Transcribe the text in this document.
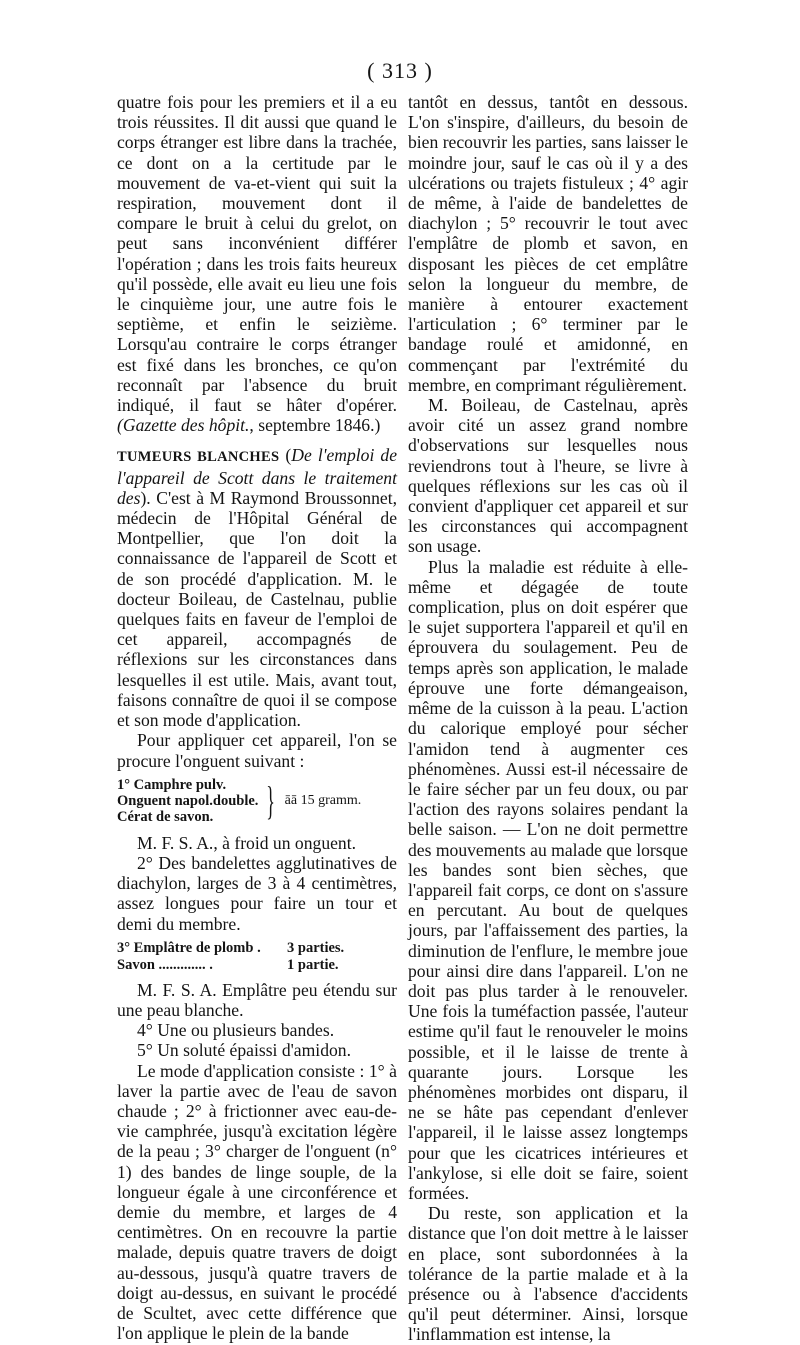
( 313 )

quatre fois pour les premiers et il a eu trois réussites. Il dit aussi que quand le corps étranger est libre dans la trachée, ce dont on a la certitude par le mouvement de va-et-vient qui suit la respiration, mouvement dont il compare le bruit à celui du grelot, on peut sans inconvénient différer l'opération ; dans les trois faits heureux qu'il possède, elle avait eu lieu une fois le cinquième jour, une autre fois le septième, et enfin le seizième. Lorsqu'au contraire le corps étranger est fixé dans les bronches, ce qu'on reconnaît par l'absence du bruit indiqué, il faut se hâter d'opérer. (Gazette des hôpit., septembre 1846.)

TUMEURS BLANCHES (De l'emploi de l'appareil de Scott dans le traitement des). C'est à M Raymond Broussonnet, médecin de l'Hôpital Général de Montpellier, que l'on doit la connaissance de l'appareil de Scott et de son procédé d'application. M. le docteur Boileau, de Castelnau, publie quelques faits en faveur de l'emploi de cet appareil, accompagnés de réflexions sur les circonstances dans lesquelles il est utile. Mais, avant tout, faisons connaître de quoi il se compose et son mode d'application.

Pour appliquer cet appareil, l'on se procure l'onguent suivant :

1° Camphre pulv.
Onguent napol.double.
Cérat de savon.	} āā 15 gramm.

M. F. S. A., à froid un onguent.

2° Des bandelettes agglutinatives de diachylon, larges de 3 à 4 centimètres, assez longues pour faire un tour et demi du membre.

3° Emplâtre de plomb .	3 parties.
Savon ............. .	1 partie.

M. F. S. A. Emplâtre peu étendu sur une peau blanche.

4° Une ou plusieurs bandes.

5° Un soluté épaissi d'amidon.

Le mode d'application consiste : 1° à laver la partie avec de l'eau de savon chaude ; 2° à frictionner avec eau-de-vie camphrée, jusqu'à excitation légère de la peau ; 3° charger de l'onguent (n° 1) des bandes de linge souple, de la longueur égale à une circonférence et demie du membre, et larges de 4 centimètres. On en recouvre la partie malade, depuis quatre travers de doigt au-dessous, jusqu'à quatre travers de doigt au-dessus, en suivant le procédé de Scultet, avec cette différence que l'on applique le plein de la bande

tantôt en dessus, tantôt en dessous. L'on s'inspire, d'ailleurs, du besoin de bien recouvrir les parties, sans laisser le moindre jour, sauf le cas où il y a des ulcérations ou trajets fistuleux ; 4° agir de même, à l'aide de bandelettes de diachylon ; 5° recouvrir le tout avec l'emplâtre de plomb et savon, en disposant les pièces de cet emplâtre selon la longueur du membre, de manière à entourer exactement l'articulation ; 6° terminer par le bandage roulé et amidonné, en commençant par l'extrémité du membre, en comprimant régulièrement.

M. Boileau, de Castelnau, après avoir cité un assez grand nombre d'observations sur lesquelles nous reviendrons tout à l'heure, se livre à quelques réflexions sur les cas où il convient d'appliquer cet appareil et sur les circonstances qui accompagnent son usage.

Plus la maladie est réduite à elle-même et dégagée de toute complication, plus on doit espérer que le sujet supportera l'appareil et qu'il en éprouvera du soulagement. Peu de temps après son application, le malade éprouve une forte démangeaison, même de la cuisson à la peau. L'action du calorique employé pour sécher l'amidon tend à augmenter ces phénomènes. Aussi est-il nécessaire de le faire sécher par un feu doux, ou par l'action des rayons solaires pendant la belle saison. — L'on ne doit permettre des mouvements au malade que lorsque les bandes sont bien sèches, que l'appareil fait corps, ce dont on s'assure en percutant. Au bout de quelques jours, par l'affaissement des parties, la diminution de l'enflure, le membre joue pour ainsi dire dans l'appareil. L'on ne doit pas plus tarder à le renouveler. Une fois la tuméfaction passée, l'auteur estime qu'il faut le renouveler le moins possible, et il le laisse de trente à quarante jours. Lorsque les phénomènes morbides ont disparu, il ne se hâte pas cependant d'enlever l'appareil, il le laisse assez longtemps pour que les cicatrices intérieures et l'ankylose, si elle doit se faire, soient formées.

Du reste, son application et la distance que l'on doit mettre à le laisser en place, sont subordonnées à la tolérance de la partie malade et à la présence ou à l'absence d'accidents qu'il peut déterminer. Ainsi, lorsque l'inflammation est intense, la
